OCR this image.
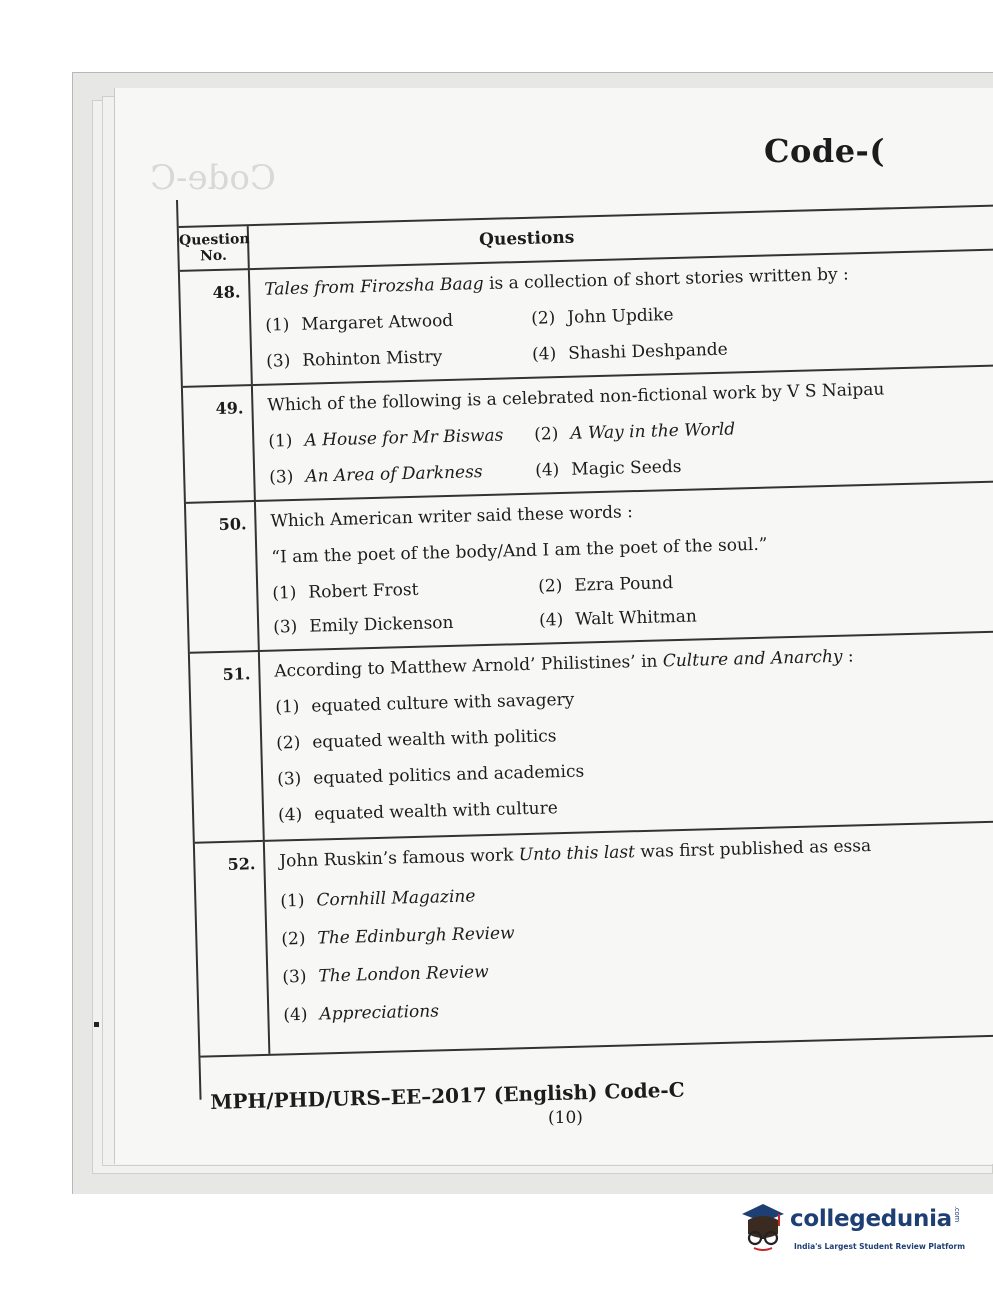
Code-C
Code-(
Question No.
Questions
48.	Tales from Firozsha Baag is a collection of short stories written by :
(1) Margaret Atwood	(2) John Updike
(3) Rohinton Mistry	(4) Shashi Deshpande
49.	Which of the following is a celebrated non-fictional work by V S Naipau
(1) A House for Mr Biswas (2) A Way in the World
(3) An Area of Darkness	(4) Magic Seeds
50.	Which American writer said these words :
“I am the poet of the body/And I am the poet of the soul.”
(1) Robert Frost	(2) Ezra Pound
(3) Emily Dickenson	(4) Walt Whitman
51.	According to Matthew Arnold’ Philistines’ in Culture and Anarchy :
(1) equated culture with savagery
(2) equated wealth with politics
(3) equated politics and academics
(4) equated wealth with culture
52.	John Ruskin’s famous work Unto this last was first published as essa
(1) Cornhill Magazine
(2) The Edinburgh Review
(3) The London Review
(4) Appreciations
MPH/PHD/URS–EE–2017 (English) Code-C
(10)
collegedunia.com
India's Largest Student Review Platform
